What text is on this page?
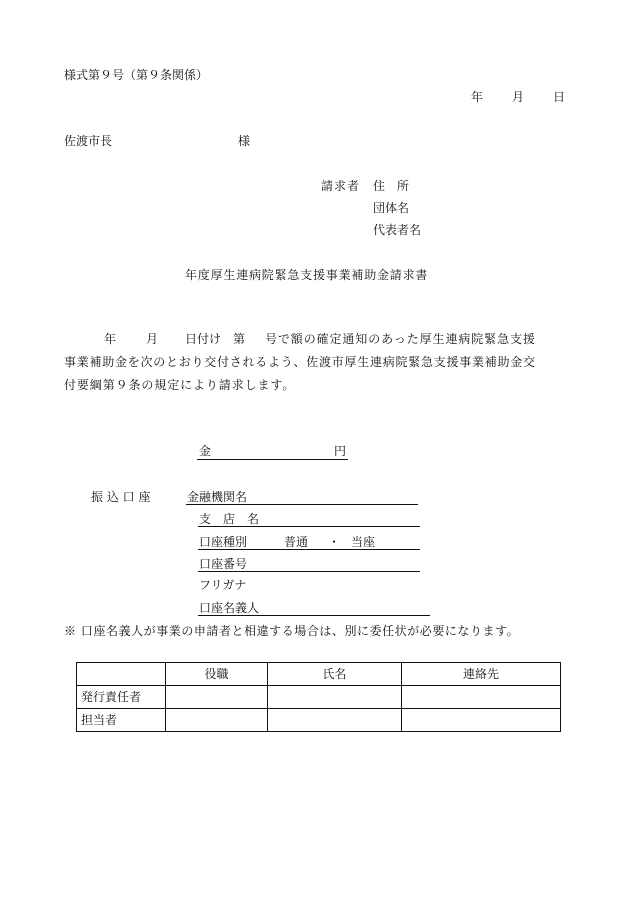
様式第９号（第９条関係）
年 月 日
佐渡市長	様
請求者 住　所
団体名
代表者名
年度厚生連病院緊急支援事業補助金請求書
年 月 日付け　第 号で額の確定通知のあった厚生連病院緊急支援
事業補助金を次のとおり交付されるよう、佐渡市厚生連病院緊急支援事業補助金交
付要綱第９条の規定により請求します。
金	円
振 込 口 座	金融機関名
支　店　名
口座種別	普通 ・ 当座
口座番号
フリガナ
口座名義人
※ 口座名義人が事業の申請者と相違する場合は、別に委任状が必要になります。
	役職	氏名	連絡先
発行責任者			
担当者			
